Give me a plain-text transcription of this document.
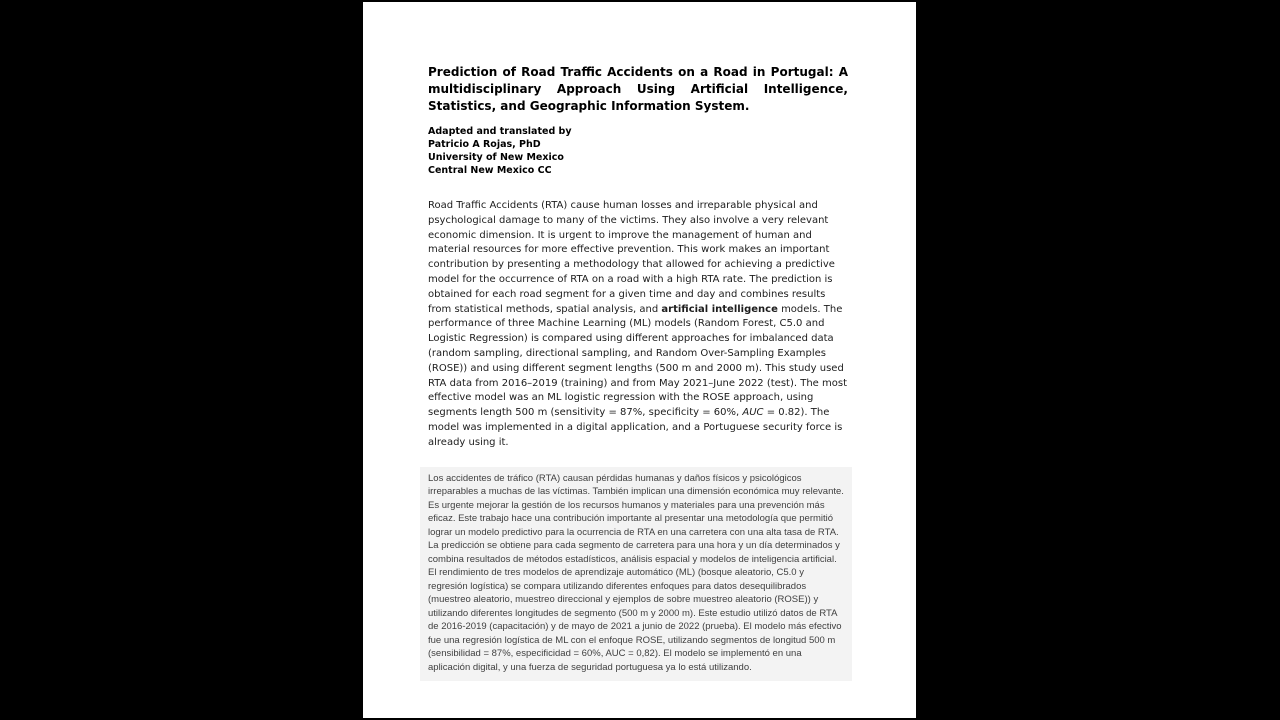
Prediction of Road Traffic Accidents on a Road in Portugal: A multidisciplinary Approach Using Artificial Intelligence, Statistics, and Geographic Information System.
Adapted and translated by
Patricio A Rojas, PhD
University of New Mexico
Central New Mexico CC

Road Traffic Accidents (RTA) cause human losses and irreparable physical and psychological damage to many of the victims. They also involve a very relevant economic dimension. It is urgent to improve the management of human and material resources for more effective prevention. This work makes an important contribution by presenting a methodology that allowed for achieving a predictive model for the occurrence of RTA on a road with a high RTA rate. The prediction is obtained for each road segment for a given time and day and combines results from statistical methods, spatial analysis, and artificial intelligence models. The performance of three Machine Learning (ML) models (Random Forest, C5.0 and Logistic Regression) is compared using different approaches for imbalanced data (random sampling, directional sampling, and Random Over-Sampling Examples (ROSE)) and using different segment lengths (500 m and 2000 m). This study used RTA data from 2016–2019 (training) and from May 2021–June 2022 (test). The most effective model was an ML logistic regression with the ROSE approach, using segments length 500 m (sensitivity = 87%, specificity = 60%, AUC = 0.82). The model was implemented in a digital application, and a Portuguese security force is already using it.

Los accidentes de tráfico (RTA) causan pérdidas humanas y daños físicos y psicológicos irreparables a muchas de las víctimas. También implican una dimensión económica muy relevante. Es urgente mejorar la gestión de los recursos humanos y materiales para una prevención más eficaz. Este trabajo hace una contribución importante al presentar una metodología que permitió lograr un modelo predictivo para la ocurrencia de RTA en una carretera con una alta tasa de RTA. La predicción se obtiene para cada segmento de carretera para una hora y un día determinados y combina resultados de métodos estadísticos, análisis espacial y modelos de inteligencia artificial. El rendimiento de tres modelos de aprendizaje automático (ML) (bosque aleatorio, C5.0 y regresión logística) se compara utilizando diferentes enfoques para datos desequilibrados (muestreo aleatorio, muestreo direccional y ejemplos de sobre muestreo aleatorio (ROSE)) y utilizando diferentes longitudes de segmento (500 m y 2000 m). Este estudio utilizó datos de RTA de 2016-2019 (capacitación) y de mayo de 2021 a junio de 2022 (prueba). El modelo más efectivo fue una regresión logística de ML con el enfoque ROSE, utilizando segmentos de longitud 500 m (sensibilidad = 87%, especificidad = 60%, AUC = 0,82). El modelo se implementó en una aplicación digital, y una fuerza de seguridad portuguesa ya lo está utilizando.
